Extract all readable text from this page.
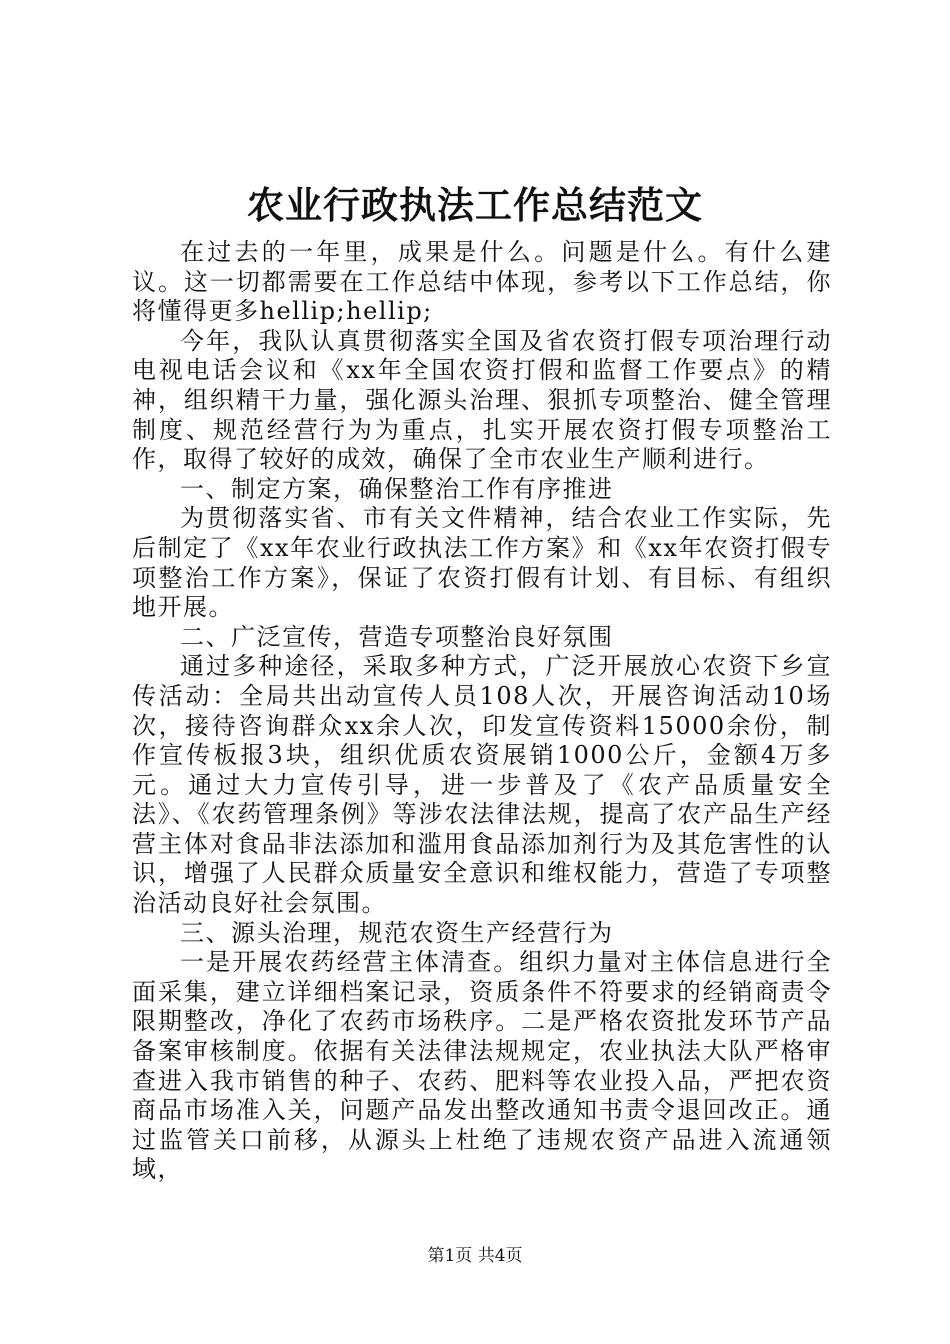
农业行政执法工作总结范文

在过去的一年里，成果是什么。问题是什么。有什么建议。这一切都需要在工作总结中体现，参考以下工作总结，你将懂得更多hellip;hellip;

今年，我队认真贯彻落实全国及省农资打假专项治理行动电视电话会议和《xx年全国农资打假和监督工作要点》的精神，组织精干力量，强化源头治理、狠抓专项整治、健全管理制度、规范经营行为为重点，扎实开展农资打假专项整治工作，取得了较好的成效，确保了全市农业生产顺利进行。

一、制定方案，确保整治工作有序推进

为贯彻落实省、市有关文件精神，结合农业工作实际，先后制定了《xx年农业行政执法工作方案》和《xx年农资打假专项整治工作方案》，保证了农资打假有计划、有目标、有组织地开展。

二、广泛宣传，营造专项整治良好氛围

通过多种途径，采取多种方式，广泛开展放心农资下乡宣传活动：全局共出动宣传人员108人次，开展咨询活动10场次，接待咨询群众xx余人次，印发宣传资料15000余份，制作宣传板报3块，组织优质农资展销1000公斤，金额4万多元。通过大力宣传引导，进一步普及了《农产品质量安全法》、《农药管理条例》等涉农法律法规，提高了农产品生产经营主体对食品非法添加和滥用食品添加剂行为及其危害性的认识，增强了人民群众质量安全意识和维权能力，营造了专项整治活动良好社会氛围。

三、源头治理，规范农资生产经营行为

一是开展农药经营主体清查。组织力量对主体信息进行全面采集，建立详细档案记录，资质条件不符要求的经销商责令限期整改，净化了农药市场秩序。二是严格农资批发环节产品备案审核制度。依据有关法律法规规定，农业执法大队严格审查进入我市销售的种子、农药、肥料等农业投入品，严把农资商品市场准入关，问题产品发出整改通知书责令退回改正。通过监管关口前移，从源头上杜绝了违规农资产品进入流通领域，

第1页 共4页
